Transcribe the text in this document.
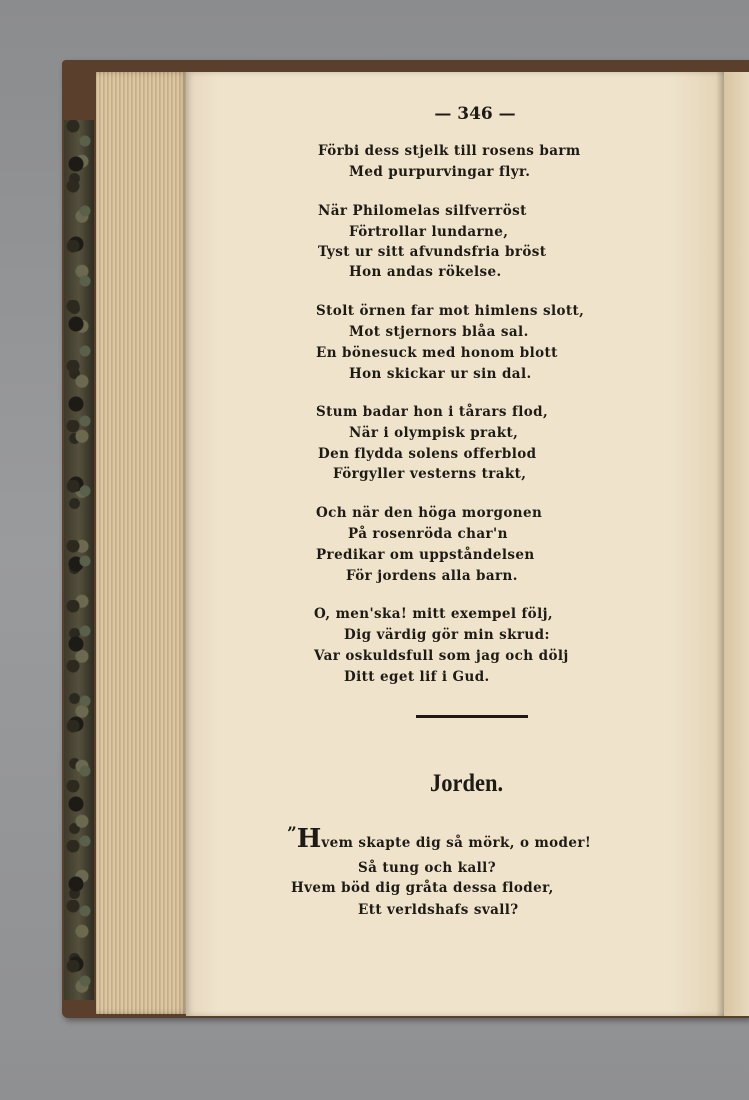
— 346 —
Förbi dess stjelk till rosens barm
Med purpurvingar flyr.
När Philomelas silfverröst
Förtrollar lundarne,
Tyst ur sitt afvundsfria bröst
Hon andas rökelse.
Stolt örnen far mot himlens slott,
Mot stjernors blåa sal.
En bönesuck med honom blott
Hon skickar ur sin dal.
Stum badar hon i tårars flod,
När i olympisk prakt,
Den flydda solens offerblod
Förgyller vesterns trakt,
Och när den höga morgonen
På rosenröda char'n
Predikar om uppståndelsen
För jordens alla barn.
O, men'ska! mitt exempel följ,
Dig värdig gör min skrud:
Var oskuldsfull som jag och dölj
Ditt eget lif i Gud.
Jorden.
”Hvem skapte dig så mörk, o moder!
Så tung och kall?
Hvem böd dig gråta dessa floder,
Ett verldshafs svall?
